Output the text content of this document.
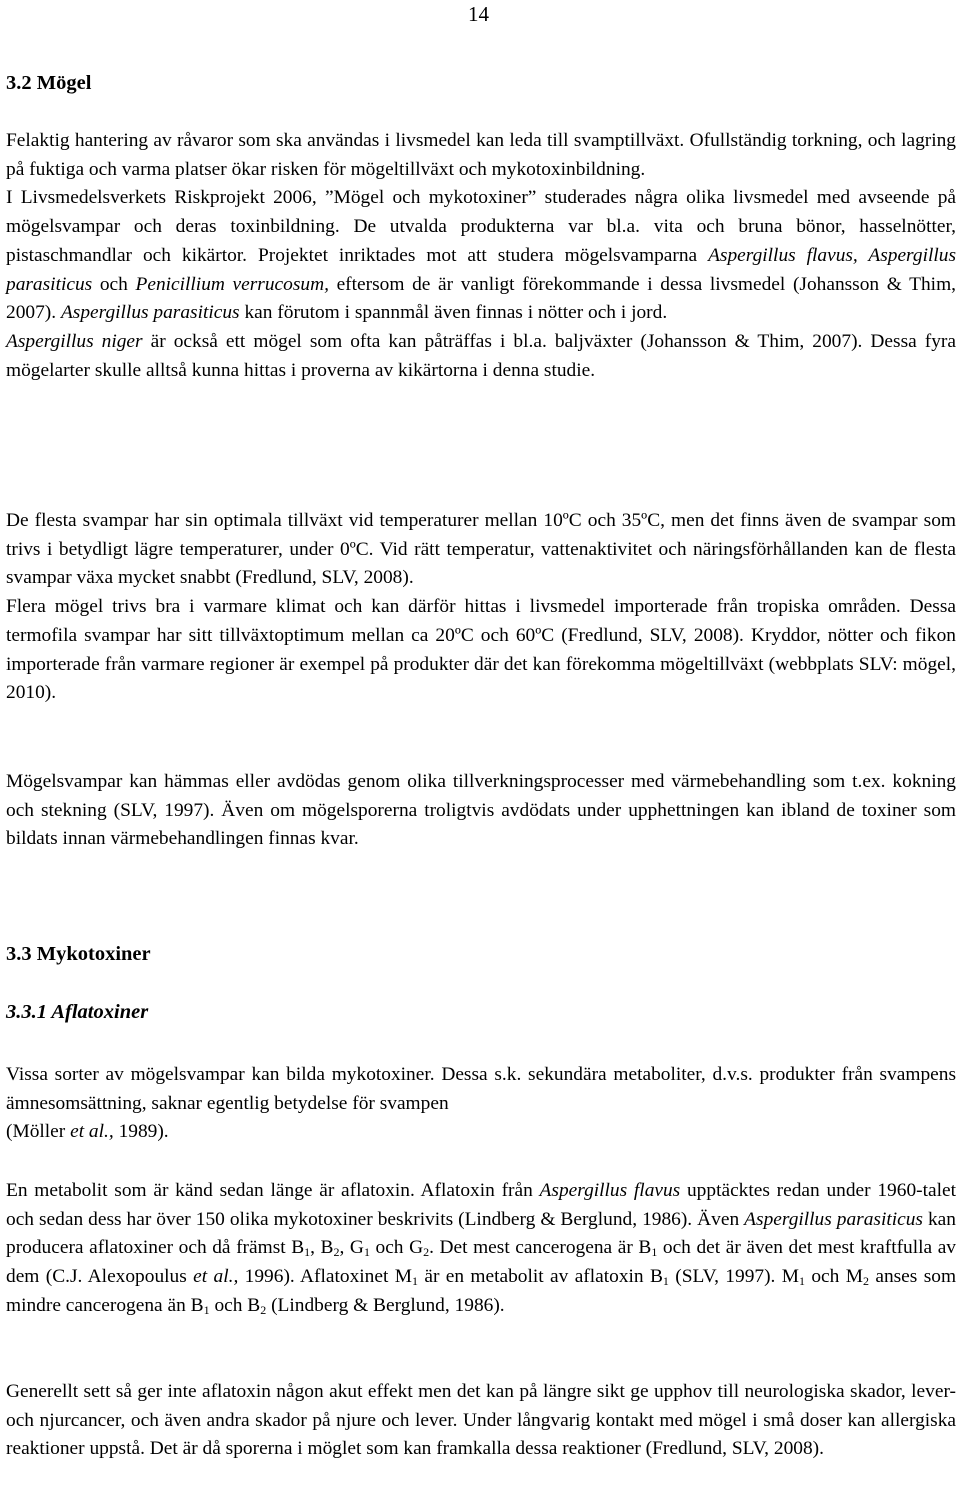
14
3.2 Mögel

Felaktig hantering av råvaror som ska användas i livsmedel kan leda till svamptillväxt. Ofullständig torkning, och lagring på fuktiga och varma platser ökar risken för mögeltillväxt och mykotoxinbildning.
I Livsmedelsverkets Riskprojekt 2006, ”Mögel och mykotoxiner” studerades några olika livsmedel med avseende på mögelsvampar och deras toxinbildning. De utvalda produkterna var bl.a. vita och bruna bönor, hasselnötter, pistaschmandlar och kikärtor. Projektet inriktades mot att studera mögelsvamparna Aspergillus flavus, Aspergillus parasiticus och Penicillium verrucosum, eftersom de är vanligt förekommande i dessa livsmedel (Johansson & Thim, 2007). Aspergillus parasiticus kan förutom i spannmål även finnas i nötter och i jord.
Aspergillus niger är också ett mögel som ofta kan påträffas i bl.a. baljväxter (Johansson & Thim, 2007). Dessa fyra mögelarter skulle alltså kunna hittas i proverna av kikärtorna i denna studie.

De flesta svampar har sin optimala tillväxt vid temperaturer mellan 10ºC och 35ºC, men det finns även de svampar som trivs i betydligt lägre temperaturer, under 0ºC. Vid rätt temperatur, vattenaktivitet och näringsförhållanden kan de flesta svampar växa mycket snabbt (Fredlund, SLV, 2008).
Flera mögel trivs bra i varmare klimat och kan därför hittas i livsmedel importerade från tropiska områden. Dessa termofila svampar har sitt tillväxtoptimum mellan ca 20ºC och 60ºC (Fredlund, SLV, 2008). Kryddor, nötter och fikon importerade från varmare regioner är exempel på produkter där det kan förekomma mögeltillväxt (webbplats SLV: mögel, 2010).

Mögelsvampar kan hämmas eller avdödas genom olika tillverkningsprocesser med värmebehandling som t.ex. kokning och stekning (SLV, 1997). Även om mögelsporerna troligtvis avdödats under upphettningen kan ibland de toxiner som bildats innan värmebehandlingen finnas kvar.

3.3 Mykotoxiner
3.3.1 Aflatoxiner

Vissa sorter av mögelsvampar kan bilda mykotoxiner. Dessa s.k. sekundära metaboliter, d.v.s. produkter från svampens ämnesomsättning, saknar egentlig betydelse för svampen
(Möller et al., 1989).

En metabolit som är känd sedan länge är aflatoxin. Aflatoxin från Aspergillus flavus upptäcktes redan under 1960-talet och sedan dess har över 150 olika mykotoxiner beskrivits (Lindberg & Berglund, 1986). Även Aspergillus parasiticus kan producera aflatoxiner och då främst $B_1$, $B_2$, $G_1$ och $G_2$. Det mest cancerogena är $B_1$ och det är även det mest kraftfulla av dem (C.J. Alexopoulus et al., 1996). Aflatoxinet $M_1$ är en metabolit av aflatoxin $B_1$ (SLV, 1997). $M_1$ och $M_2$ anses som mindre cancerogena än $B_1$ och $B_2$ (Lindberg & Berglund, 1986).

Generellt sett så ger inte aflatoxin någon akut effekt men det kan på längre sikt ge upphov till neurologiska skador, lever- och njurcancer, och även andra skador på njure och lever. Under långvarig kontakt med mögel i små doser kan allergiska reaktioner uppstå. Det är då sporerna i möglet som kan framkalla dessa reaktioner (Fredlund, SLV, 2008).
